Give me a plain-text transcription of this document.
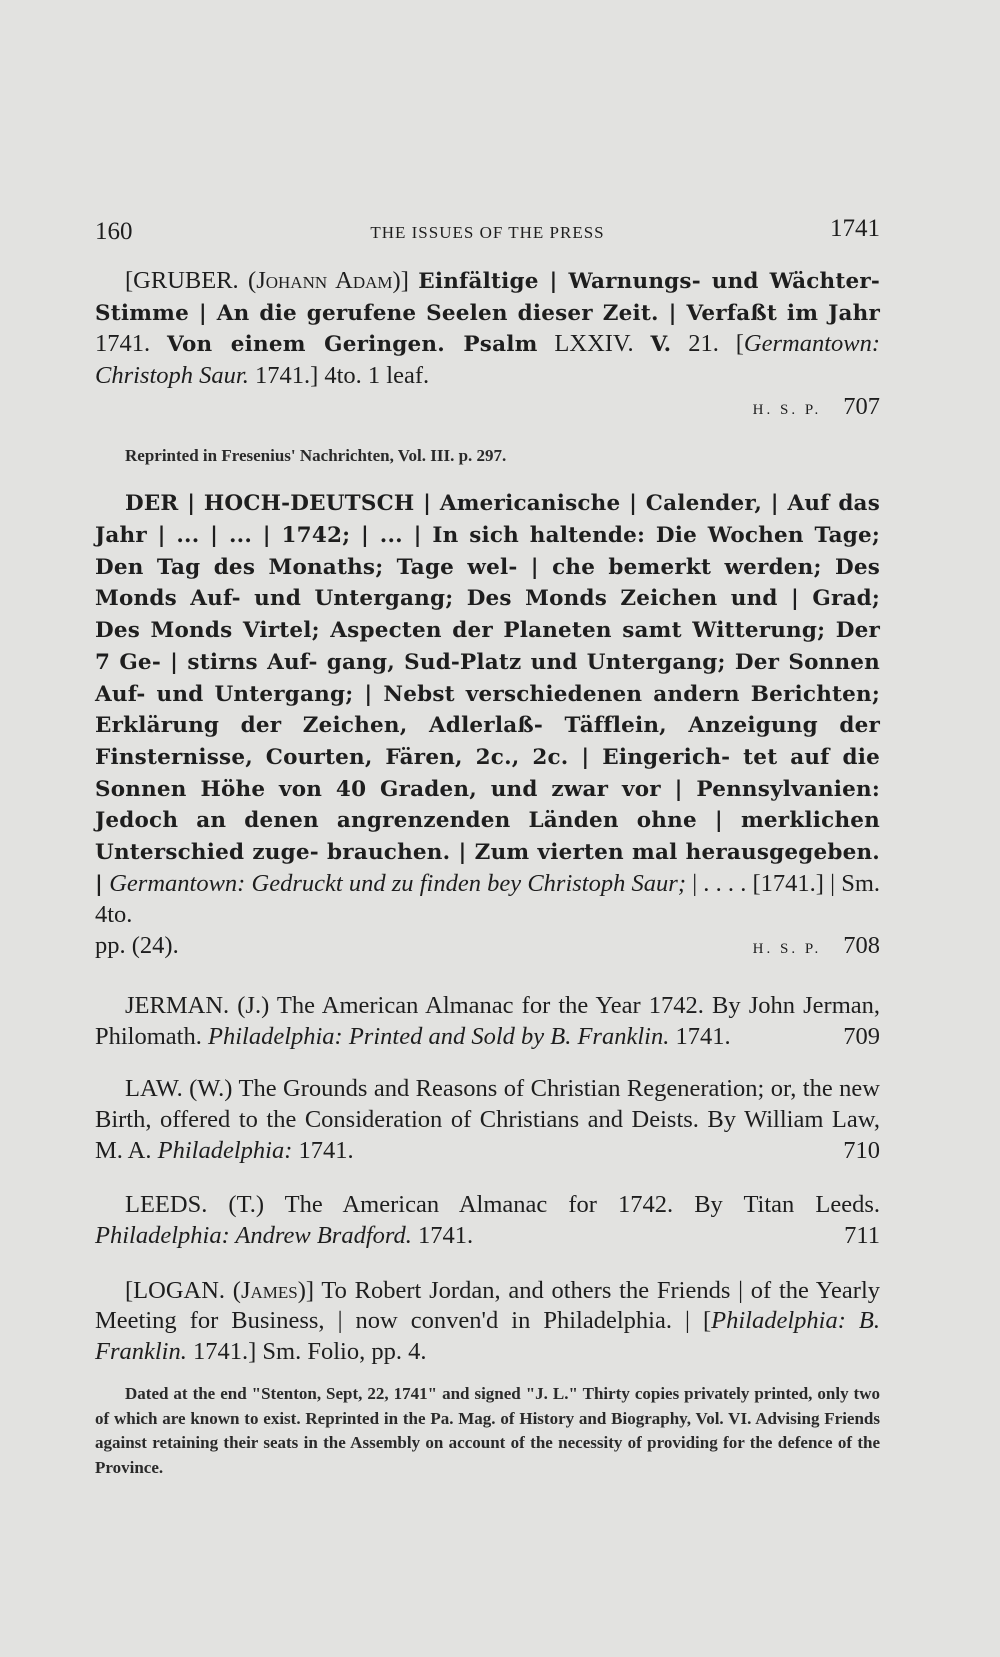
160	THE ISSUES OF THE PRESS	1741
[GRUBER. (Johann Adam)] Einfältige | Warnungs- und Wächter-Stimme | An die gerufene Seelen dieser Zeit. | Verfaßt im Jahr 1741. Von einem Geringen. Psalm LXXIV. V. 21. [Germantown: Christoph Saur. 1741.] 4to. 1 leaf.
H. S. P. 707
Reprinted in Fresenius' Nachrichten, Vol. III. p. 297.
DER | HOCH-DEUTSCH | Americanische | Calender, | Auf das Jahr | ... | ... | 1742; | ... | In sich haltende: Die Wochen Tage; Den Tag des Monaths; Tage wel- | che bemerkt werden; Des Monds Auf- und Untergang; Des Monds Zeichen und | Grad; Des Monds Virtel; Aspecten der Planeten samt Witterung; Der 7 Ge- | stirns Auf- gang, Sud-Platz und Untergang; Der Sonnen Auf- und Untergang; | Nebst verschiedenen andern Berichten; Erklärung der Zeichen, Adlerlaß- Täfflein, Anzeigung der Finsternisse, Courten, Fären, 2c., 2c. | Eingerich- tet auf die Sonnen Höhe von 40 Graden, und zwar vor | Pennsylvanien: Jedoch an denen angrenzenden Länden ohne | merklichen Unterschied zuge- brauchen. | Zum vierten mal herausgegeben. | Germantown: Gedruckt und zu finden bey Christoph Saur; | . . . . [1741.] | Sm. 4to.
pp. (24).	H. S. P. 708
JERMAN. (J.) The American Almanac for the Year 1742. By John Jerman, Philomath. Philadelphia: Printed and Sold by B. Franklin. 1741.	709
LAW. (W.) The Grounds and Reasons of Christian Regeneration; or, the new Birth, offered to the Consideration of Christians and Deists. By William Law, M. A. Philadelphia: 1741.	710
LEEDS. (T.) The American Almanac for 1742. By Titan Leeds. Philadelphia: Andrew Bradford. 1741.	711
[LOGAN. (James)] To Robert Jordan, and others the Friends | of the Yearly Meeting for Business, | now conven'd in Philadelphia. | [Philadelphia: B. Franklin. 1741.] Sm. Folio, pp. 4.
Dated at the end "Stenton, Sept, 22, 1741" and signed "J. L." Thirty copies privately printed, only two of which are known to exist. Reprinted in the Pa. Mag. of History and Biography, Vol. VI. Advising Friends against retaining their seats in the Assembly on account of the necessity of providing for the defence of the Province.
